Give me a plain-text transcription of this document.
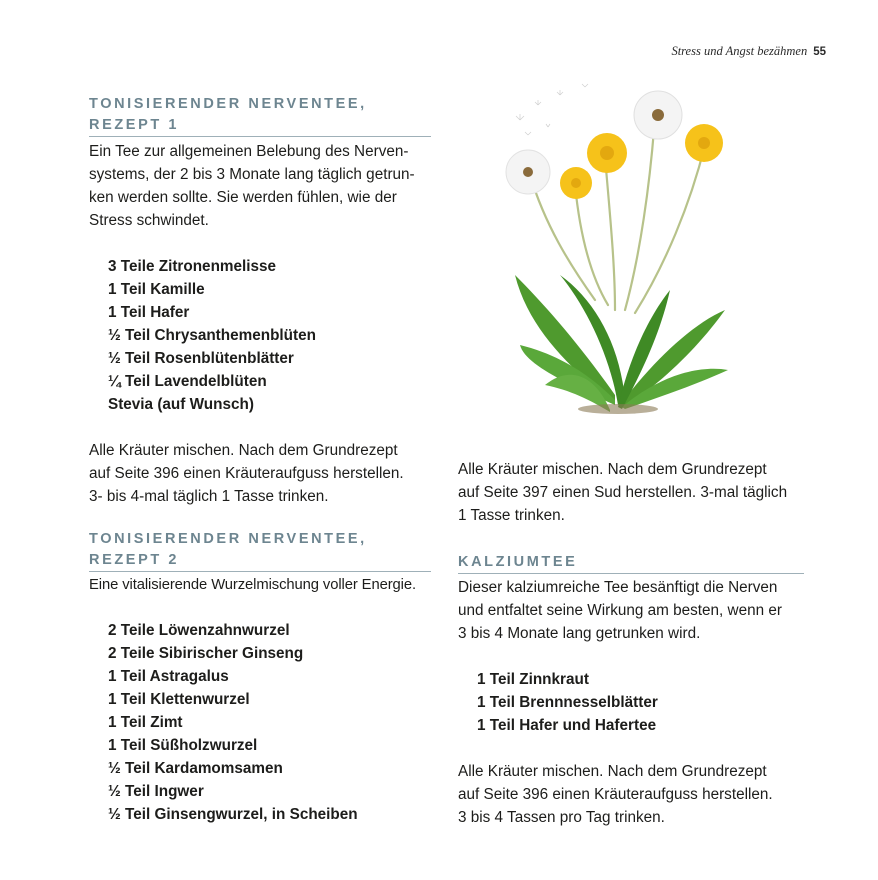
Stress und Angst bezähmen 55
TONISIERENDER NERVENTEE,
REZEPT 1

Ein Tee zur allgemeinen Belebung des Nerven-
systems, der 2 bis 3 Monate lang täglich getrun-
ken werden sollte. Sie werden fühlen, wie der
Stress schwindet.

3 Teile Zitronenmelisse
1 Teil Kamille
1 Teil Hafer
½ Teil Chrysanthemenblüten
½ Teil Rosenblütenblätter
¼ Teil Lavendelblüten
Stevia (auf Wunsch)

Alle Kräuter mischen. Nach dem Grundrezept
auf Seite 396 einen Kräuteraufguss herstellen.
3- bis 4-mal täglich 1 Tasse trinken.

TONISIERENDER NERVENTEE,
REZEPT 2

Eine vitalisierende Wurzelmischung voller Energie.

2 Teile Löwenzahnwurzel
2 Teile Sibirischer Ginseng
1 Teil Astragalus
1 Teil Klettenwurzel
1 Teil Zimt
1 Teil Süßholzwurzel
½ Teil Kardamomsamen
½ Teil Ingwer
½ Teil Ginsengwurzel, in Scheiben

Alle Kräuter mischen. Nach dem Grundrezept
auf Seite 397 einen Sud herstellen. 3-mal täglich
1 Tasse trinken.

KALZIUMTEE

Dieser kalziumreiche Tee besänftigt die Nerven
und entfaltet seine Wirkung am besten, wenn er
3 bis 4 Monate lang getrunken wird.

1 Teil Zinnkraut
1 Teil Brennnesselblätter
1 Teil Hafer und Hafertee

Alle Kräuter mischen. Nach dem Grundrezept
auf Seite 396 einen Kräuteraufguss herstellen.
3 bis 4 Tassen pro Tag trinken.
